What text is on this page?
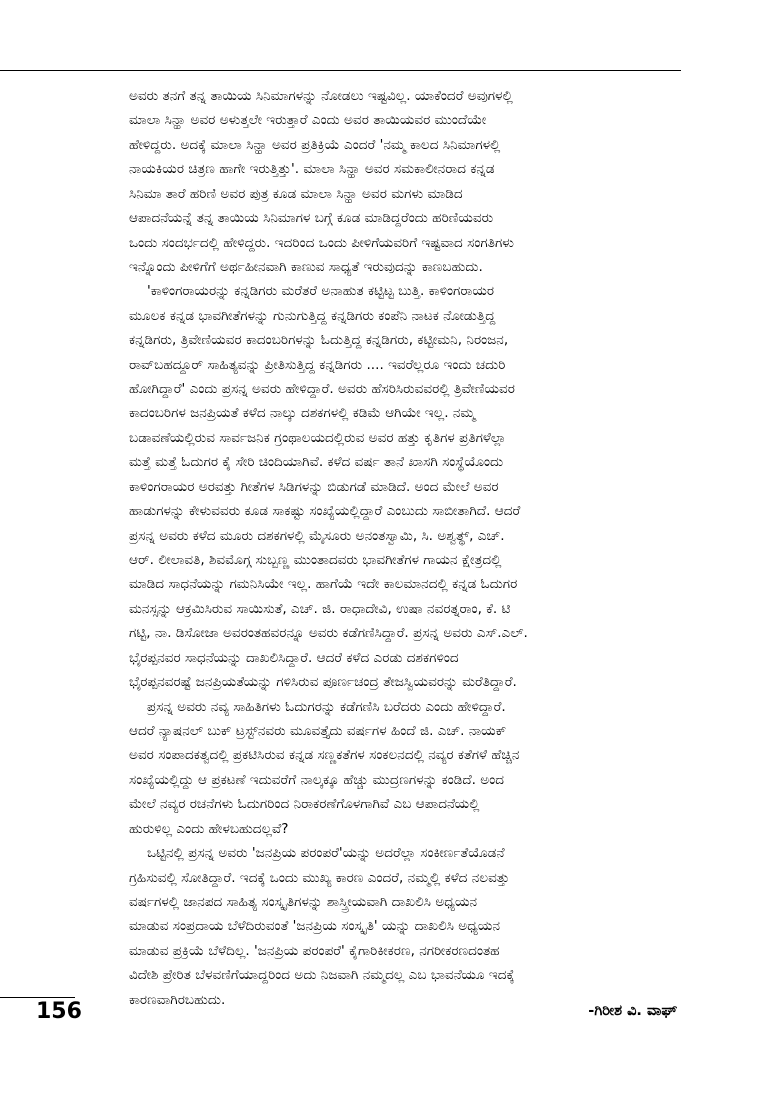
ಅವರು ತನಗೆ ತನ್ನ ತಾಯಿಯ ಸಿನಿಮಾಗಳನ್ನು ನೋಡಲು ಇಷ್ಟವಿಲ್ಲ. ಯಾಕೆಂದರೆ ಅವುಗಳಲ್ಲಿ
ಮಾಲಾ ಸಿನ್ಹಾ ಅವರ ಅಳುತ್ತಲೇ ಇರುತ್ತಾರೆ ಎಂದು ಅವರ ತಾಯಿಯವರ ಮುಂದೆಯೇ
ಹೇಳಿದ್ದರು. ಅದಕ್ಕೆ ಮಾಲಾ ಸಿನ್ಹಾ ಅವರ ಪ್ರತಿಕ್ರಿಯೆ ಎಂದರೆ 'ನಮ್ಮ ಕಾಲದ ಸಿನಿಮಾಗಳಲ್ಲಿ
ನಾಯಕಿಯರ ಚಿತ್ರಣ ಹಾಗೇ ಇರುತ್ತಿತ್ತು'. ಮಾಲಾ ಸಿನ್ಹಾ ಅವರ ಸಮಕಾಲೀನರಾದ ಕನ್ನಡ
ಸಿನಿಮಾ ತಾರೆ ಹರಿಣಿ ಅವರ ಪುತ್ರ ಕೂಡ ಮಾಲಾ ಸಿನ್ಹಾ ಅವರ ಮಗಳು ಮಾಡಿದ
ಆಪಾದನೆಯನ್ನೆ ತನ್ನ ತಾಯಿಯ ಸಿನಿಮಾಗಳ ಬಗ್ಗೆ ಕೂಡ ಮಾಡಿದ್ದರೆಂದು ಹರಿಣಿಯವರು
ಒಂದು ಸಂದರ್ಭದಲ್ಲಿ ಹೇಳಿದ್ದರು. ಇದರಿಂದ ಒಂದು ಪೀಳಿಗೆಯವರಿಗೆ ಇಷ್ಟವಾದ ಸಂಗತಿಗಳು
ಇನ್ನೊಂದು ಪೀಳಿಗೆಗೆ ಅರ್ಥಹೀನವಾಗಿ ಕಾಣುವ ಸಾಧ್ಯತೆ ಇರುವುದನ್ನು ಕಾಣಬಹುದು.
'ಕಾಳಿಂಗರಾಯರನ್ನು ಕನ್ನಡಿಗರು ಮರೆತರೆ ಅನಾಹುತ ಕಟ್ಟಿಟ್ಟ ಬುತ್ತಿ. ಕಾಳಿಂಗರಾಯರ
ಮೂಲಕ ಕನ್ನಡ ಭಾವಗೀತೆಗಳನ್ನು ಗುನುಗುತ್ತಿದ್ದ ಕನ್ನಡಿಗರು ಕಂಪೆನಿ ನಾಟಕ ನೋಡುತ್ತಿದ್ದ
ಕನ್ನಡಿಗರು, ತ್ರಿವೇಣಿಯವರ ಕಾದಂಬರಿಗಳನ್ನು ಓದುತ್ತಿದ್ದ ಕನ್ನಡಿಗರು, ಕಟ್ಟೀಮನಿ, ನಿರಂಜನ,
ರಾವ್‌ಬಹದ್ದೂರ್ ಸಾಹಿತ್ಯವನ್ನು ಪ್ರೀತಿಸುತ್ತಿದ್ದ ಕನ್ನಡಿಗರು .... ಇವರೆಲ್ಲರೂ ಇಂದು ಚದುರಿ
ಹೋಗಿದ್ದಾರೆ' ಎಂದು ಪ್ರಸನ್ನ ಅವರು ಹೇಳಿದ್ದಾರೆ. ಅವರು ಹೆಸರಿಸಿರುವವರಲ್ಲಿ ತ್ರಿವೇಣಿಯವರ
ಕಾದಂಬರಿಗಳ ಜನಪ್ರಿಯತೆ ಕಳೆದ ನಾಲ್ಕು ದಶಕಗಳಲ್ಲಿ ಕಡಿಮೆ ಆಗಿಯೇ ಇಲ್ಲ. ನಮ್ಮ
ಬಡಾವಣೆಯಲ್ಲಿರುವ ಸಾರ್ವಜನಿಕ ಗ್ರಂಥಾಲಯದಲ್ಲಿರುವ ಅವರ ಹತ್ತು ಕೃತಿಗಳ ಪ್ರತಿಗಳೆಲ್ಲಾ
ಮತ್ತೆ ಮತ್ತೆ ಓದುಗರ ಕೈ ಸೇರಿ ಚಿಂದಿಯಾಗಿವೆ. ಕಳೆದ ವರ್ಷ ತಾನೆ ಖಾಸಗಿ ಸಂಸ್ಥೆಯೊಂದು
ಕಾಳಿಂಗರಾಯರ ಅರವತ್ತು ಗೀತೆಗಳ ಸಿಡಿಗಳನ್ನು ಬಿಡುಗಡೆ ಮಾಡಿದೆ. ಅಂದ ಮೇಲೆ ಅವರ
ಹಾಡುಗಳನ್ನು ಕೇಳುವವರು ಕೂಡ ಸಾಕಷ್ಟು ಸಂಖ್ಯೆಯಲ್ಲಿದ್ದಾರೆ ಎಂಬುದು ಸಾಬೀತಾಗಿದೆ. ಆದರೆ
ಪ್ರಸನ್ನ ಅವರು ಕಳೆದ ಮೂರು ದಶಕಗಳಲ್ಲಿ ಮೈಸೂರು ಅನಂತಸ್ವಾಮಿ, ಸಿ. ಅಶ್ವತ್ಥ್, ಎಚ್.
ಆರ್. ಲೀಲಾವತಿ, ಶಿವಮೊಗ್ಗ ಸುಬ್ಬಣ್ಣ ಮುಂತಾದವರು ಭಾವಗೀತೆಗಳ ಗಾಯನ ಕ್ಷೇತ್ರದಲ್ಲಿ
ಮಾಡಿದ ಸಾಧನೆಯನ್ನು ಗಮನಿಸಿಯೇ ಇಲ್ಲ. ಹಾಗೆಯೆ ಇದೇ ಕಾಲಮಾನದಲ್ಲಿ ಕನ್ನಡ ಓದುಗರ
ಮನಸ್ಸನ್ನು ಆಕ್ರಮಿಸಿರುವ ಸಾಯಿಸುತೆ, ಎಚ್. ಜಿ. ರಾಧಾದೇವಿ, ಉಷಾ ನವರತ್ನರಾಂ, ಕೆ. ಟಿ
ಗಟ್ಟಿ, ನಾ. ಡಿಸೋಜಾ ಅವರಂತಹವರನ್ನೂ ಅವರು ಕಡೆಗಣಿಸಿದ್ದಾರೆ. ಪ್ರಸನ್ನ ಅವರು ಎಸ್.ಎಲ್.
ಭೈರಪ್ಪನವರ ಸಾಧನೆಯನ್ನು ದಾಖಲಿಸಿದ್ದಾರೆ. ಆದರೆ ಕಳೆದ ಎರಡು ದಶಕಗಳಿಂದ
ಭೈರಪ್ಪನವರಷ್ಟೆ ಜನಪ್ರಿಯತೆಯನ್ನು ಗಳಿಸಿರುವ ಪೂರ್ಣಚಂದ್ರ ತೇಜಸ್ವಿಯವರನ್ನು ಮರೆತಿದ್ದಾರೆ.
ಪ್ರಸನ್ನ ಅವರು ನವ್ಯ ಸಾಹಿತಿಗಳು ಓದುಗರನ್ನು ಕಡೆಗಣಿಸಿ ಬರೆದರು ಎಂದು ಹೇಳಿದ್ದಾರೆ.
ಆದರೆ ನ್ಯಾಷನಲ್ ಬುಕ್ ಟ್ರಸ್ಟ್‌ನವರು ಮೂವತ್ತೈದು ವರ್ಷಗಳ ಹಿಂದೆ ಜಿ. ಎಚ್. ನಾಯಕ್
ಅವರ ಸಂಪಾದಕತ್ವದಲ್ಲಿ ಪ್ರಕಟಿಸಿರುವ ಕನ್ನಡ ಸಣ್ಣಕತೆಗಳ ಸಂಕಲನದಲ್ಲಿ ನವ್ಯರ ಕತೆಗಳೆ ಹೆಚ್ಚಿನ
ಸಂಖ್ಯೆಯಲ್ಲಿದ್ದು ಆ ಪ್ರಕಟಣೆ ಇದುವರೆಗೆ ನಾಲ್ಕಕ್ಕೂ ಹೆಚ್ಚು ಮುದ್ರಣಗಳನ್ನು ಕಂಡಿದೆ. ಅಂದ
ಮೇಲೆ ನವ್ಯರ ರಚನೆಗಳು ಓದುಗರಿಂದ ನಿರಾಕರಣೆಗೊಳಗಾಗಿವೆ ಎಬ ಆಪಾದನೆಯಲ್ಲಿ
ಹುರುಳಿಲ್ಲ ಎಂದು ಹೇಳಬಹುದಲ್ಲವೆ?
ಒಟ್ಟಿನಲ್ಲಿ ಪ್ರಸನ್ನ ಅವರು 'ಜನಪ್ರಿಯ ಪರಂಪರೆ'ಯನ್ನು ಅದರೆಲ್ಲಾ ಸಂಕೀರ್ಣತೆಯೊಡನೆ
ಗ್ರಹಿಸುವಲ್ಲಿ ಸೋತಿದ್ದಾರೆ. ಇದಕ್ಕೆ ಒಂದು ಮುಖ್ಯ ಕಾರಣ ಎಂದರೆ, ನಮ್ಮಲ್ಲಿ ಕಳೆದ ನಲವತ್ತು
ವರ್ಷಗಳಲ್ಲಿ ಜಾನಪದ ಸಾಹಿತ್ಯ ಸಂಸ್ಕೃತಿಗಳನ್ನು ಶಾಸ್ತ್ರೀಯವಾಗಿ ದಾಖಲಿಸಿ ಅಧ್ಯಯನ
ಮಾಡುವ ಸಂಪ್ರದಾಯ ಬೆಳೆದಿರುವಂತೆ 'ಜನಪ್ರಿಯ ಸಂಸ್ಕೃತಿ' ಯನ್ನು ದಾಖಲಿಸಿ ಅಧ್ಯಯನ
ಮಾಡುವ ಪ್ರಕ್ರಿಯೆ ಬೆಳೆದಿಲ್ಲ. 'ಜನಪ್ರಿಯ ಪರಂಪರೆ' ಕೈಗಾರಿಕೀಕರಣ, ನಗರೀಕರಣದಂತಹ
ವಿದೇಶಿ ಪ್ರೇರಿತ ಬೆಳವಣಿಗೆಯಾದ್ದರಿಂದ ಅದು ನಿಜವಾಗಿ ನಮ್ಮದಲ್ಲ ಎಬ ಭಾವನೆಯೂ ಇದಕ್ಕೆ
ಕಾರಣವಾಗಿರಬಹುದು.
156	-ಗಿರೀಶ ವಿ. ವಾಘ್
